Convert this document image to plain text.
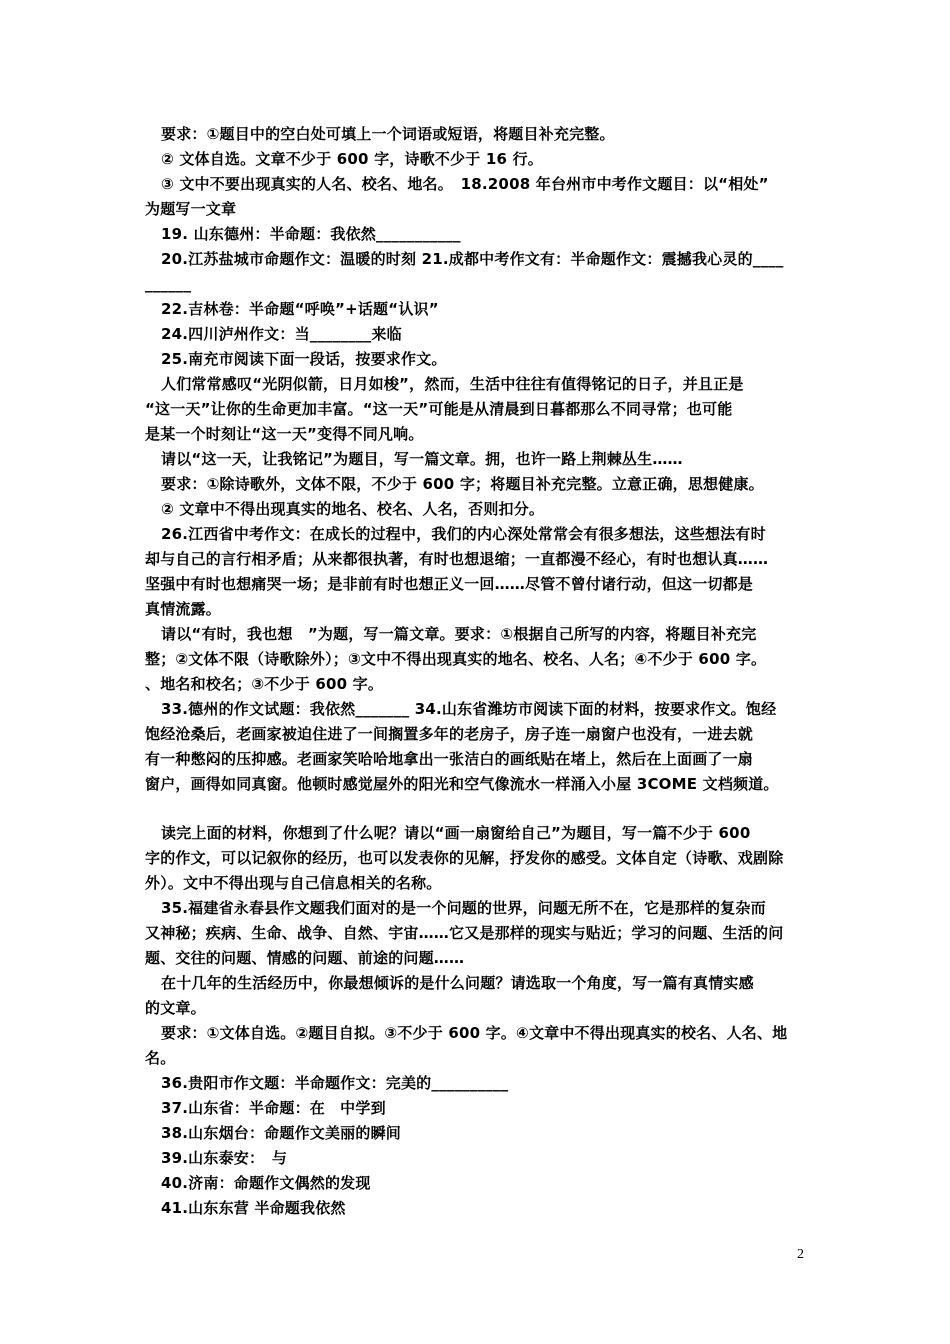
要求：①题目中的空白处可填上一个词语或短语，将题目补充完整。
② 文体自选。文章不少于 600 字，诗歌不少于 16 行。
③ 文中不要出现真实的人名、校名、地名。　18.2008 年台州市中考作文题目：以“相处”
为题写一文章
19. 山东德州：半命题：我依然___________
20.江苏盐城市命题作文：温暖的时刻 21.成都中考作文有：半命题作文：震撼我心灵的____
______
22.吉林卷：半命题“呼唤”+话题“认识”
24.四川泸州作文：当________来临
25.南充市阅读下面一段话，按要求作文。
人们常常感叹“光阴似箭，日月如梭”，然而，生活中往往有值得铭记的日子，并且正是
“这一天”让你的生命更加丰富。“这一天”可能是从清晨到日暮都那么不同寻常；也可能
是某一个时刻让“这一天”变得不同凡响。
请以“这一天，让我铭记”为题目，写一篇文章。拥，也许一路上荆棘丛生……
要求：①除诗歌外，文体不限，不少于 600 字；将题目补充完整。立意正确，思想健康。
② 文章中不得出现真实的地名、校名、人名，否则扣分。
26.江西省中考作文：在成长的过程中，我们的内心深处常常会有很多想法，这些想法有时
却与自己的言行相矛盾；从来都很执著，有时也想退缩；一直都漫不经心，有时也想认真……
坚强中有时也想痛哭一场；是非前有时也想正义一回……尽管不曾付诸行动，但这一切都是
真情流露。
请以“有时，我也想　”为题，写一篇文章。要求：①根据自己所写的内容，将题目补充完
整；②文体不限（诗歌除外）；③文中不得出现真实的地名、校名、人名；④不少于 600 字。
、地名和校名；③不少于 600 字。
33.德州的作文试题：我依然_______ 34.山东省潍坊市阅读下面的材料，按要求作文。饱经
饱经沧桑后，老画家被迫住进了一间搁置多年的老房子，房子连一扇窗户也没有，一进去就
有一种憋闷的压抑感。老画家笑哈哈地拿出一张洁白的画纸贴在堵上，然后在上面画了一扇
窗户，画得如同真窗。他顿时感觉屋外的阳光和空气像流水一样涌入小屋 3COME 文档频道。
读完上面的材料，你想到了什么呢？请以“画一扇窗给自己”为题目，写一篇不少于 600
字的作文，可以记叙你的经历，也可以发表你的见解，抒发你的感受。文体自定（诗歌、戏剧除
外）。文中不得出现与自己信息相关的名称。
35.福建省永春县作文题我们面对的是一个问题的世界，问题无所不在，它是那样的复杂而
又神秘；疾病、生命、战争、自然、宇宙……它又是那样的现实与贴近；学习的问题、生活的问
题、交往的问题、情感的问题、前途的问题……
在十几年的生活经历中，你最想倾诉的是什么问题？请选取一个角度，写一篇有真情实感
的文章。
要求：①文体自选。②题目自拟。③不少于 600 字。④文章中不得出现真实的校名、人名、地
名。
36.贵阳市作文题：半命题作文：完美的__________
37.山东省：半命题：在　中学到
38.山东烟台：命题作文美丽的瞬间
39.山东泰安：　与
40.济南：命题作文偶然的发现
41.山东东营 半命题我依然
2
